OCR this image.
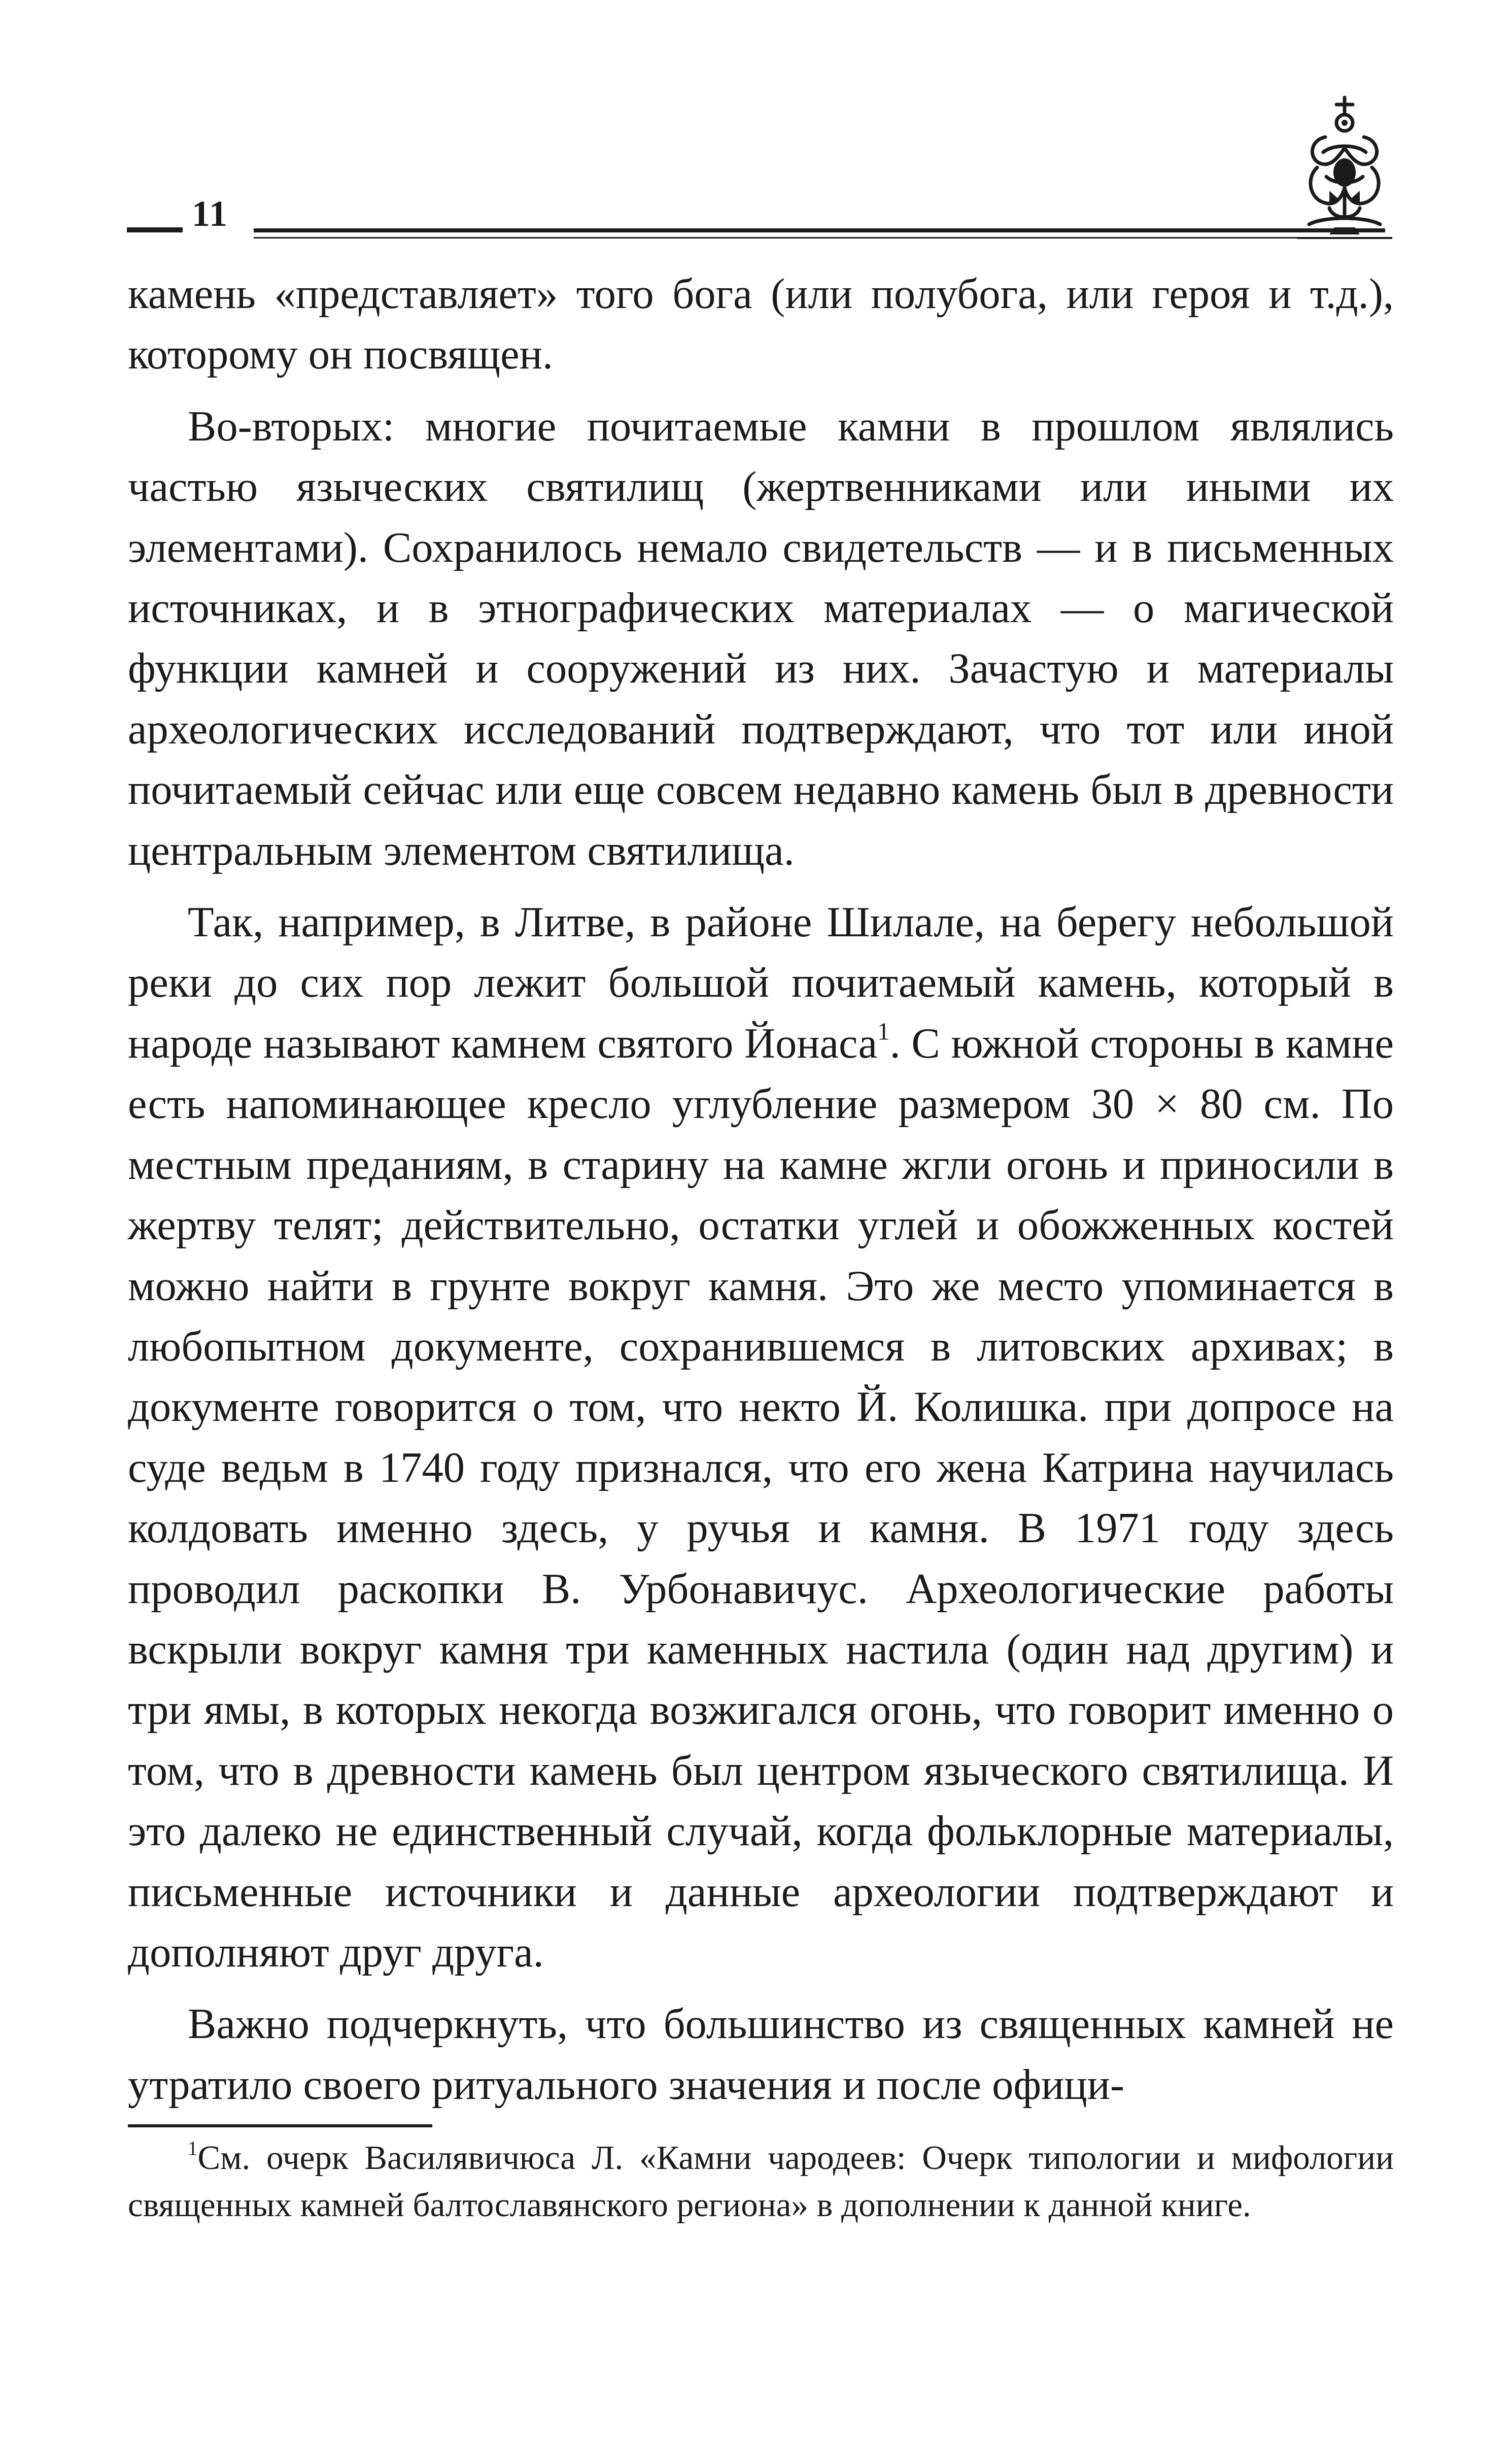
11

камень «представляет» того бога (или полубога, или героя и т.д.), которому он посвящен.

Во-вторых: многие почитаемые камни в прошлом являлись частью языческих святилищ (жертвенниками или иными их элементами). Сохранилось немало свидетельств — и в письменных источниках, и в этнографических материалах — о магической функции камней и сооружений из них. Зачастую и материалы археологических исследований подтверждают, что тот или иной почитаемый сейчас или еще совсем недавно камень был в древности центральным элементом святилища.

Так, например, в Литве, в районе Шилале, на берегу небольшой реки до сих пор лежит большой почитаемый камень, который в народе называют камнем святого Йонаса$^1$. С южной стороны в камне есть напоминающее кресло углубление размером 30 × 80 см. По местным преданиям, в старину на камне жгли огонь и приносили в жертву телят; действительно, остатки углей и обожженных костей можно найти в грунте вокруг камня. Это же место упоминается в любопытном документе, сохранившемся в литовских архивах; в документе говорится о том, что некто Й. Колишка. при допросе на суде ведьм в 1740 году признался, что его жена Катрина научилась колдовать именно здесь, у ручья и камня. В 1971 году здесь проводил раскопки В. Урбонавичус. Археологические работы вскрыли вокруг камня три каменных настила (один над другим) и три ямы, в которых некогда возжигался огонь, что говорит именно о том, что в древности камень был центром языческого святилища. И это далеко не единственный случай, когда фольклорные материалы, письменные источники и данные археологии подтверждают и дополняют друг друга.

Важно подчеркнуть, что большинство из священных камней не утратило своего ритуального значения и после офици-

$^1$См. очерк Василявичюса Л. «Камни чародеев: Очерк типологии и мифологии священных камней балтославянского региона» в дополнении к данной книге.
